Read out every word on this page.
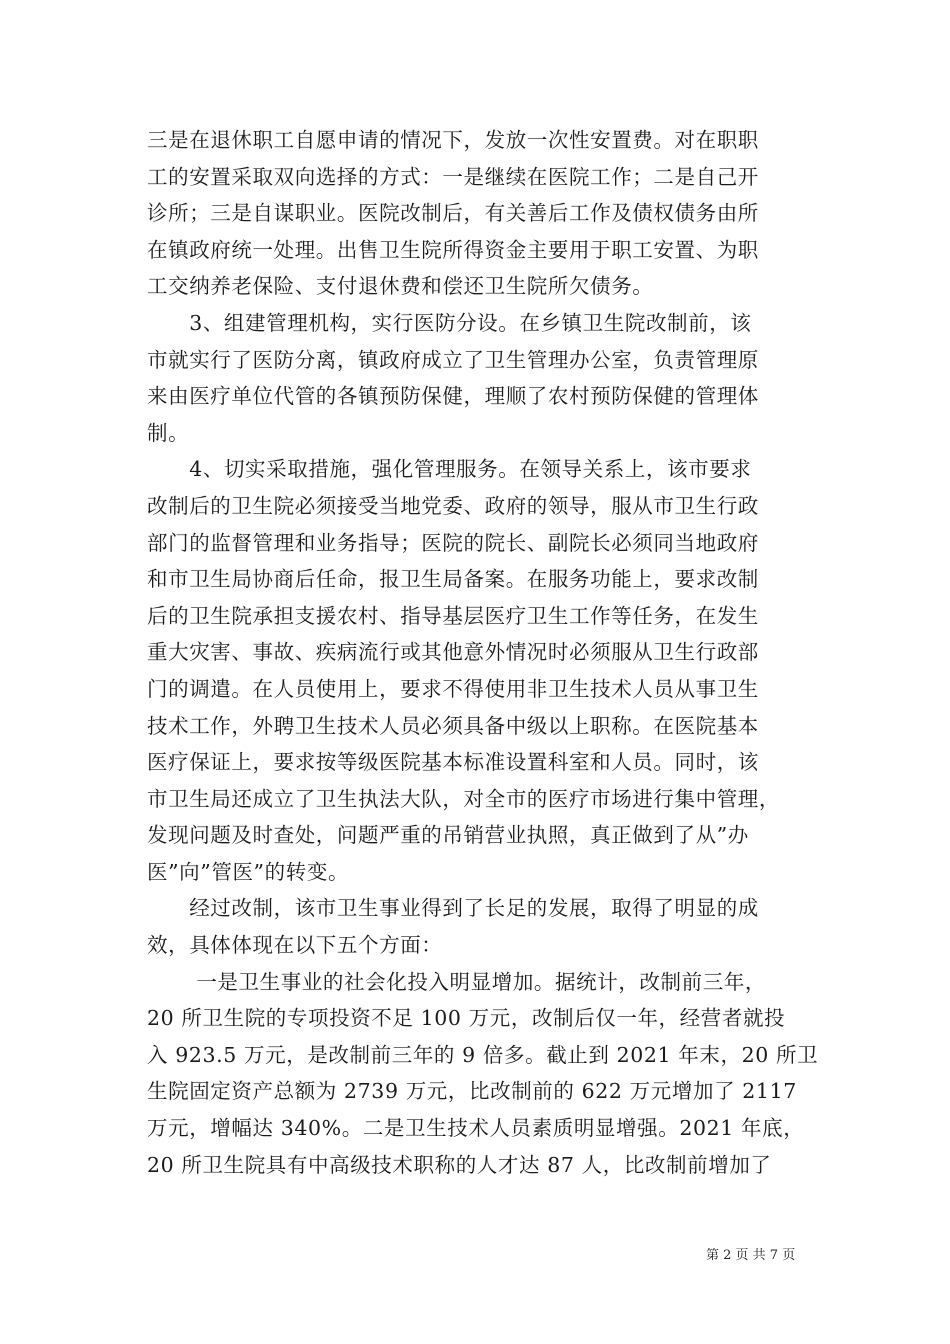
三是在退休职工自愿申请的情况下，发放一次性安置费。对在职职
工的安置采取双向选择的方式：一是继续在医院工作；二是自己开
诊所；三是自谋职业。医院改制后，有关善后工作及债权债务由所
在镇政府统一处理。出售卫生院所得资金主要用于职工安置、为职
工交纳养老保险、支付退休费和偿还卫生院所欠债务。
　　3、组建管理机构，实行医防分设。在乡镇卫生院改制前，该
市就实行了医防分离，镇政府成立了卫生管理办公室，负责管理原
来由医疗单位代管的各镇预防保健，理顺了农村预防保健的管理体
制。
　　4、切实采取措施，强化管理服务。在领导关系上，该市要求
改制后的卫生院必须接受当地党委、政府的领导，服从市卫生行政
部门的监督管理和业务指导；医院的院长、副院长必须同当地政府
和市卫生局协商后任命，报卫生局备案。在服务功能上，要求改制
后的卫生院承担支援农村、指导基层医疗卫生工作等任务，在发生
重大灾害、事故、疾病流行或其他意外情况时必须服从卫生行政部
门的调遣。在人员使用上，要求不得使用非卫生技术人员从事卫生
技术工作，外聘卫生技术人员必须具备中级以上职称。在医院基本
医疗保证上，要求按等级医院基本标准设置科室和人员。同时，该
市卫生局还成立了卫生执法大队，对全市的医疗市场进行集中管理，
发现问题及时查处，问题严重的吊销营业执照，真正做到了从”办
医”向”管医”的转变。
　　经过改制，该市卫生事业得到了长足的发展，取得了明显的成
效，具体体现在以下五个方面：
　　 一是卫生事业的社会化投入明显增加。据统计，改制前三年，
20 所卫生院的专项投资不足 100 万元，改制后仅一年，经营者就投
入 923.5 万元，是改制前三年的 9 倍多。截止到 2021 年末，20 所卫
生院固定资产总额为 2739 万元，比改制前的 622 万元增加了 2117
万元，增幅达 340%。二是卫生技术人员素质明显增强。2021 年底，
20 所卫生院具有中高级技术职称的人才达 87 人，比改制前增加了
第 2 页 共 7 页
